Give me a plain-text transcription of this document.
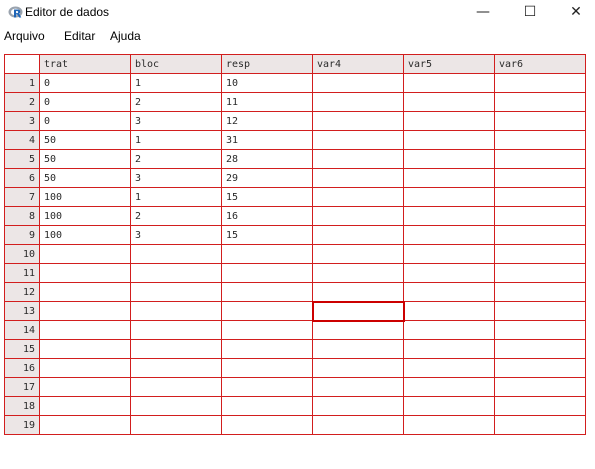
R Editor de dados	—	☐	✕
Arquivo Editar Ajuda
	trat	bloc	resp	var4	var5	var6
1	0	1	10			
2	0	2	11			
3	0	3	12			
4	50	1	31			
5	50	2	28			
6	50	3	29			
7	100	1	15			
8	100	2	16			
9	100	3	15			
10						
11						
12						
13						
14						
15						
16						
17						
18						
19						
